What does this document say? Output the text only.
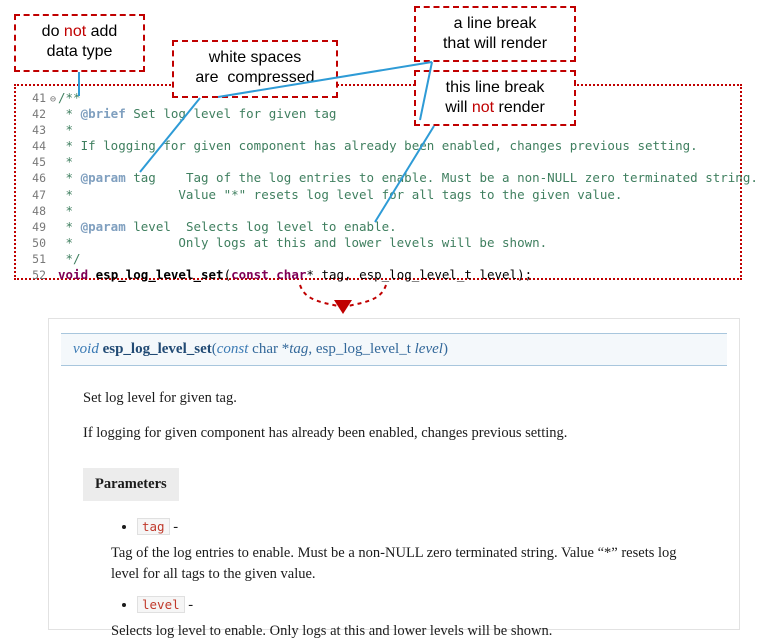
do not add
data type	white spaces
are  compressed
a line break
that will render
this line break
will not render
41 ⊖ /**
42  * @brief Set log level for given tag
43  *
44  * If logging for given component has already been enabled, changes previous setting.
45  *
46  * @param tag    Tag of the log entries to enable. Must be a non-NULL zero terminated string.
47  *              Value "*" resets log level for all tags to the given value.
48  *
49  * @param level  Selects log level to enable.
50  *              Only logs at this and lower levels will be shown.
51  */
52 void esp_log_level_set(const char* tag, esp_log_level_t level);
void esp_log_level_set(const char *tag, esp_log_level_t level)

Set log level for given tag.

If logging for given component has already been enabled, changes previous setting.

Parameters
• tag -
Tag of the log entries to enable. Must be a non-NULL zero terminated string. Value “*” resets log level for all tags to the given value.
• level -
Selects log level to enable. Only logs at this and lower levels will be shown.
